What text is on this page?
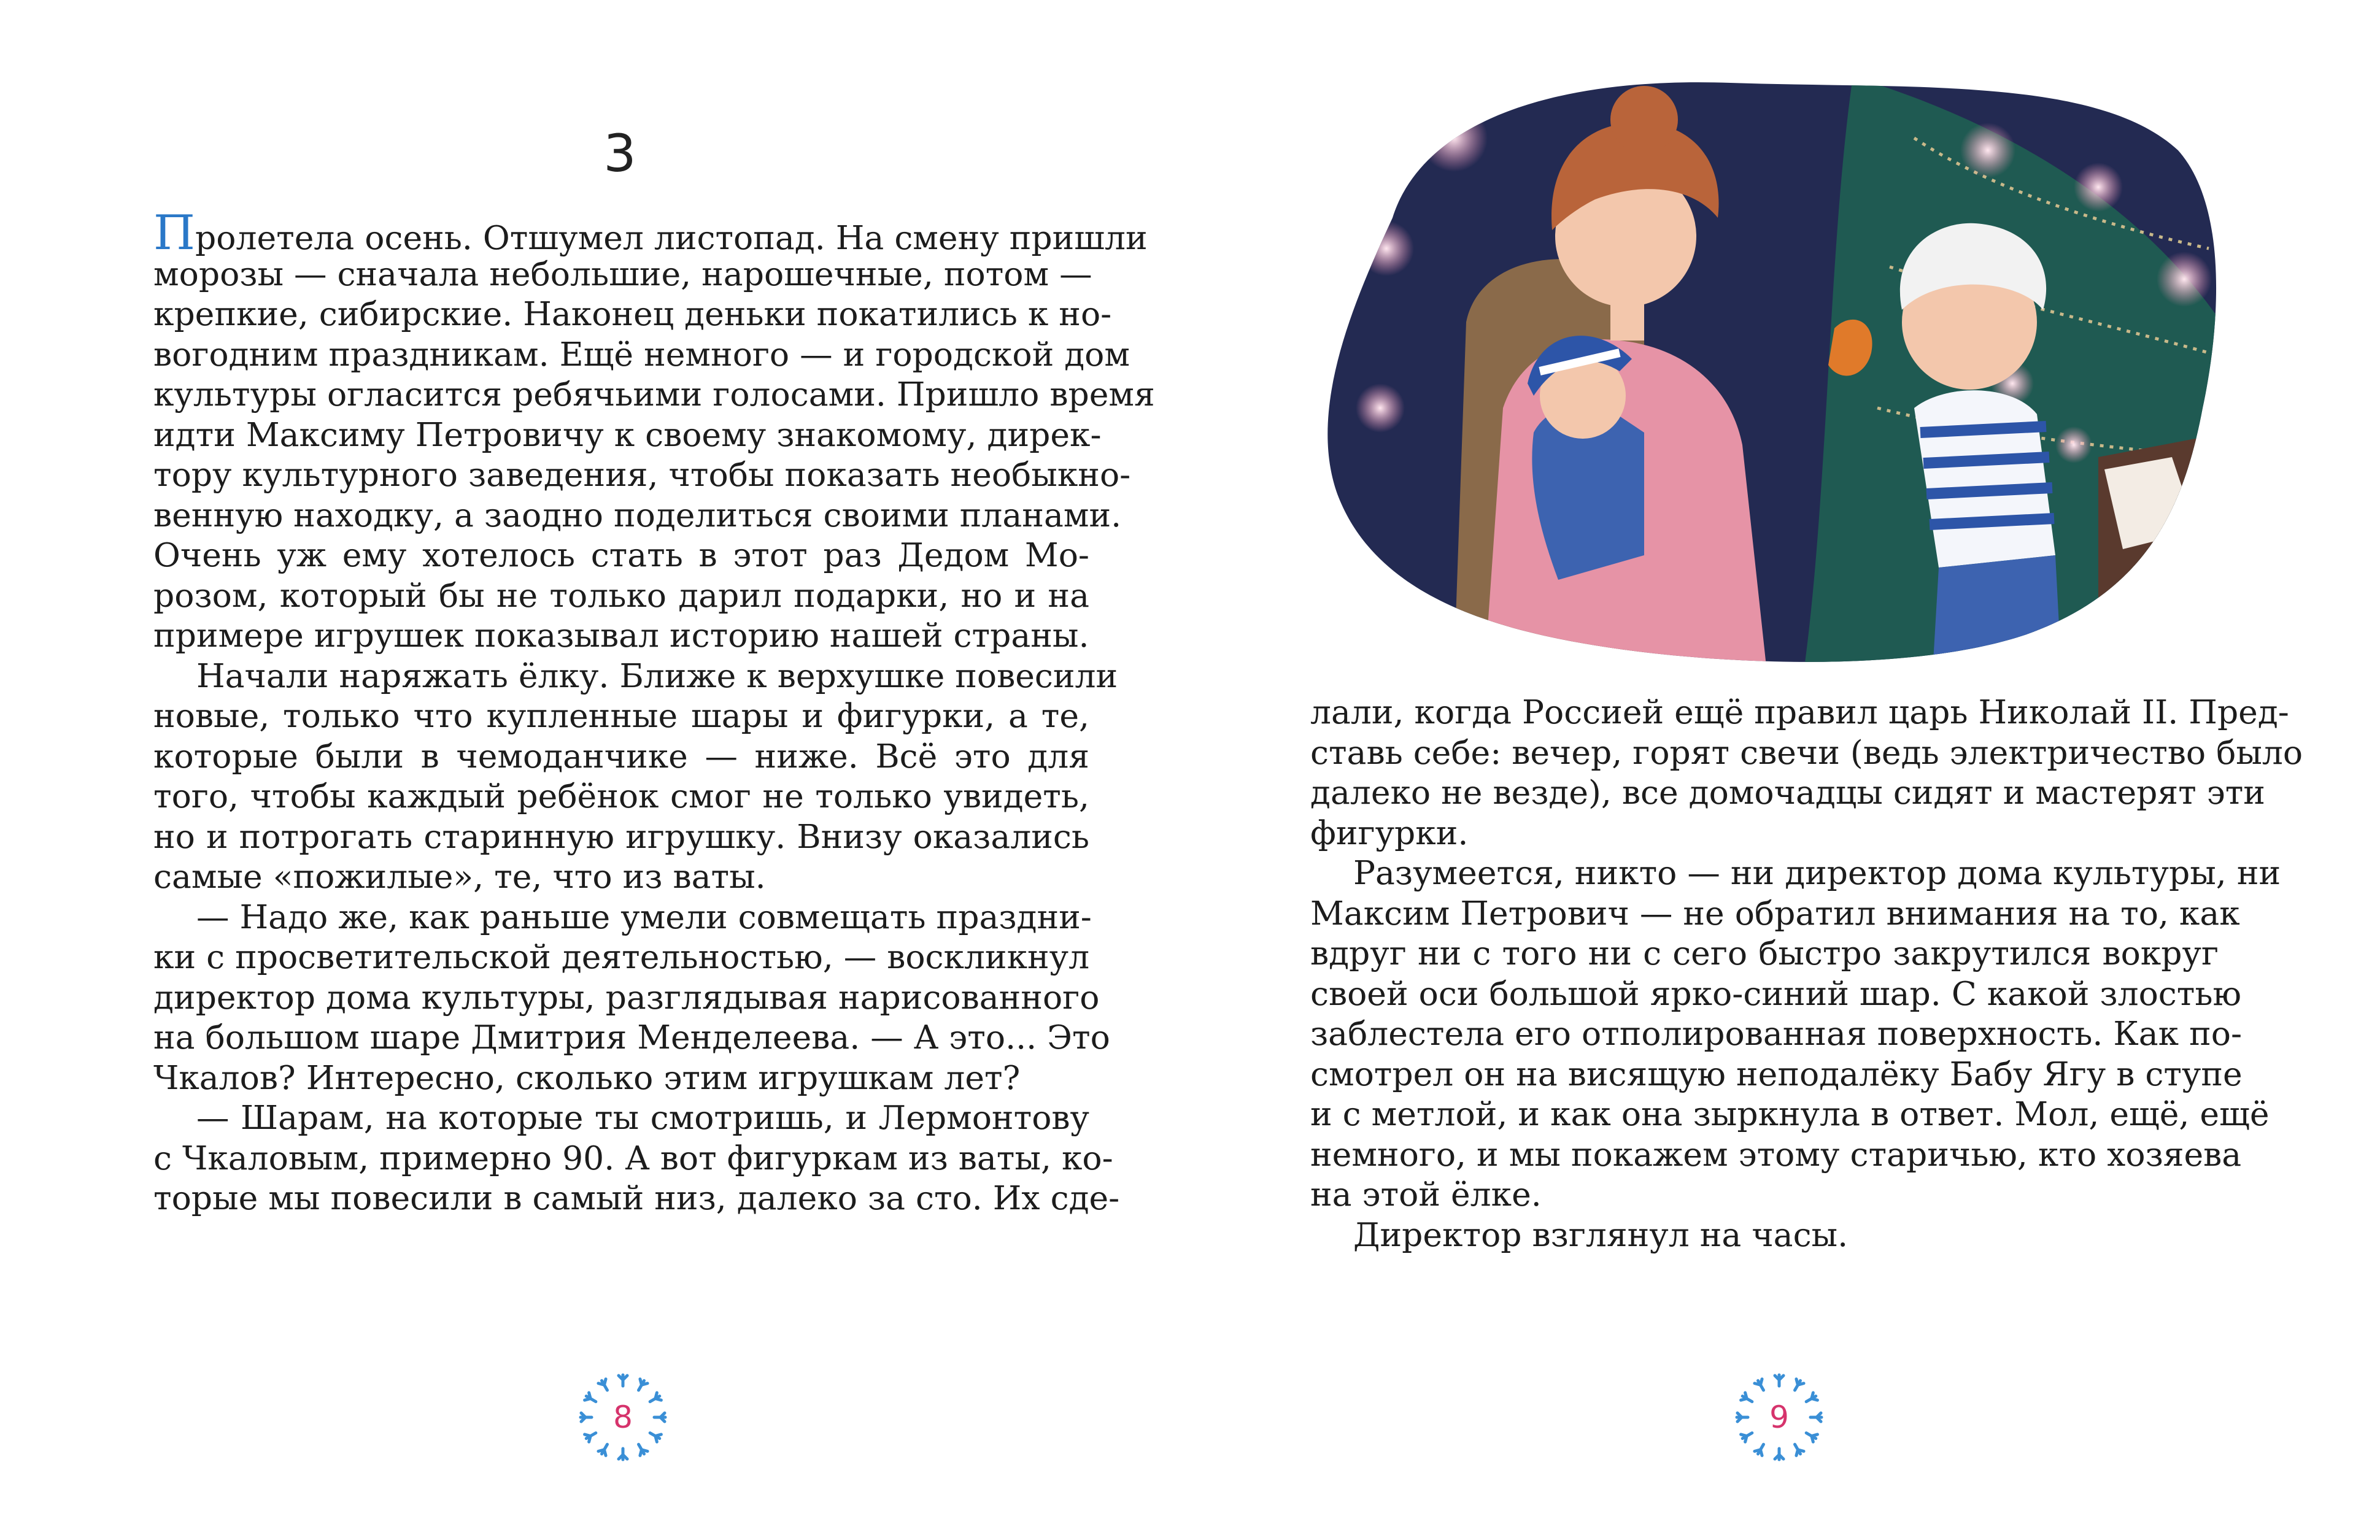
3
Пролетела осень. Отшумел листопад. На смену пришли
морозы — сначала небольшие, нарошечные, потом —
крепкие, сибирские. Наконец деньки покатились к но-
вогодним праздникам. Ещё немного — и городской дом
культуры огласится ребячьими голосами. Пришло время
идти Максиму Петровичу к своему знакомому, дирек-
тору культурного заведения, чтобы показать необыкно-
венную находку, а заодно поделиться своими планами.
Очень уж ему хотелось стать в этот раз Дедом Мо-
розом, который бы не только дарил подарки, но и на
примере игрушек показывал историю нашей страны.
Начали наряжать ёлку. Ближе к верхушке повесили
новые, только что купленные шары и фигурки, а те,
которые были в чемоданчике — ниже. Всё это для
того, чтобы каждый ребёнок смог не только увидеть,
но и потрогать старинную игрушку. Внизу оказались
самые «пожилые», те, что из ваты.
— Надо же, как раньше умели совмещать праздни-
ки с просветительской деятельностью, — воскликнул
директор дома культуры, разглядывая нарисованного
на большом шаре Дмитрия Менделеева. — А это... Это
Чкалов? Интересно, сколько этим игрушкам лет?
— Шарам, на которые ты смотришь, и Лермонтову
с Чкаловым, примерно 90. А вот фигуркам из ваты, ко-
торые мы повесили в самый низ, далеко за сто. Их сде-
8
лали, когда Россией ещё правил царь Николай II. Пред-
ставь себе: вечер, горят свечи (ведь электричество было
далеко не везде), все домочадцы сидят и мастерят эти
фигурки.
Разумеется, никто — ни директор дома культуры, ни
Максим Петрович — не обратил внимания на то, как
вдруг ни с того ни с сего быстро закрутился вокруг
своей оси большой ярко-синий шар. С какой злостью
заблестела его отполированная поверхность. Как по-
смотрел он на висящую неподалёку Бабу Ягу в ступе
и с метлой, и как она зыркнула в ответ. Мол, ещё, ещё
немного, и мы покажем этому старичью, кто хозяева
на этой ёлке.
Директор взглянул на часы.
9
